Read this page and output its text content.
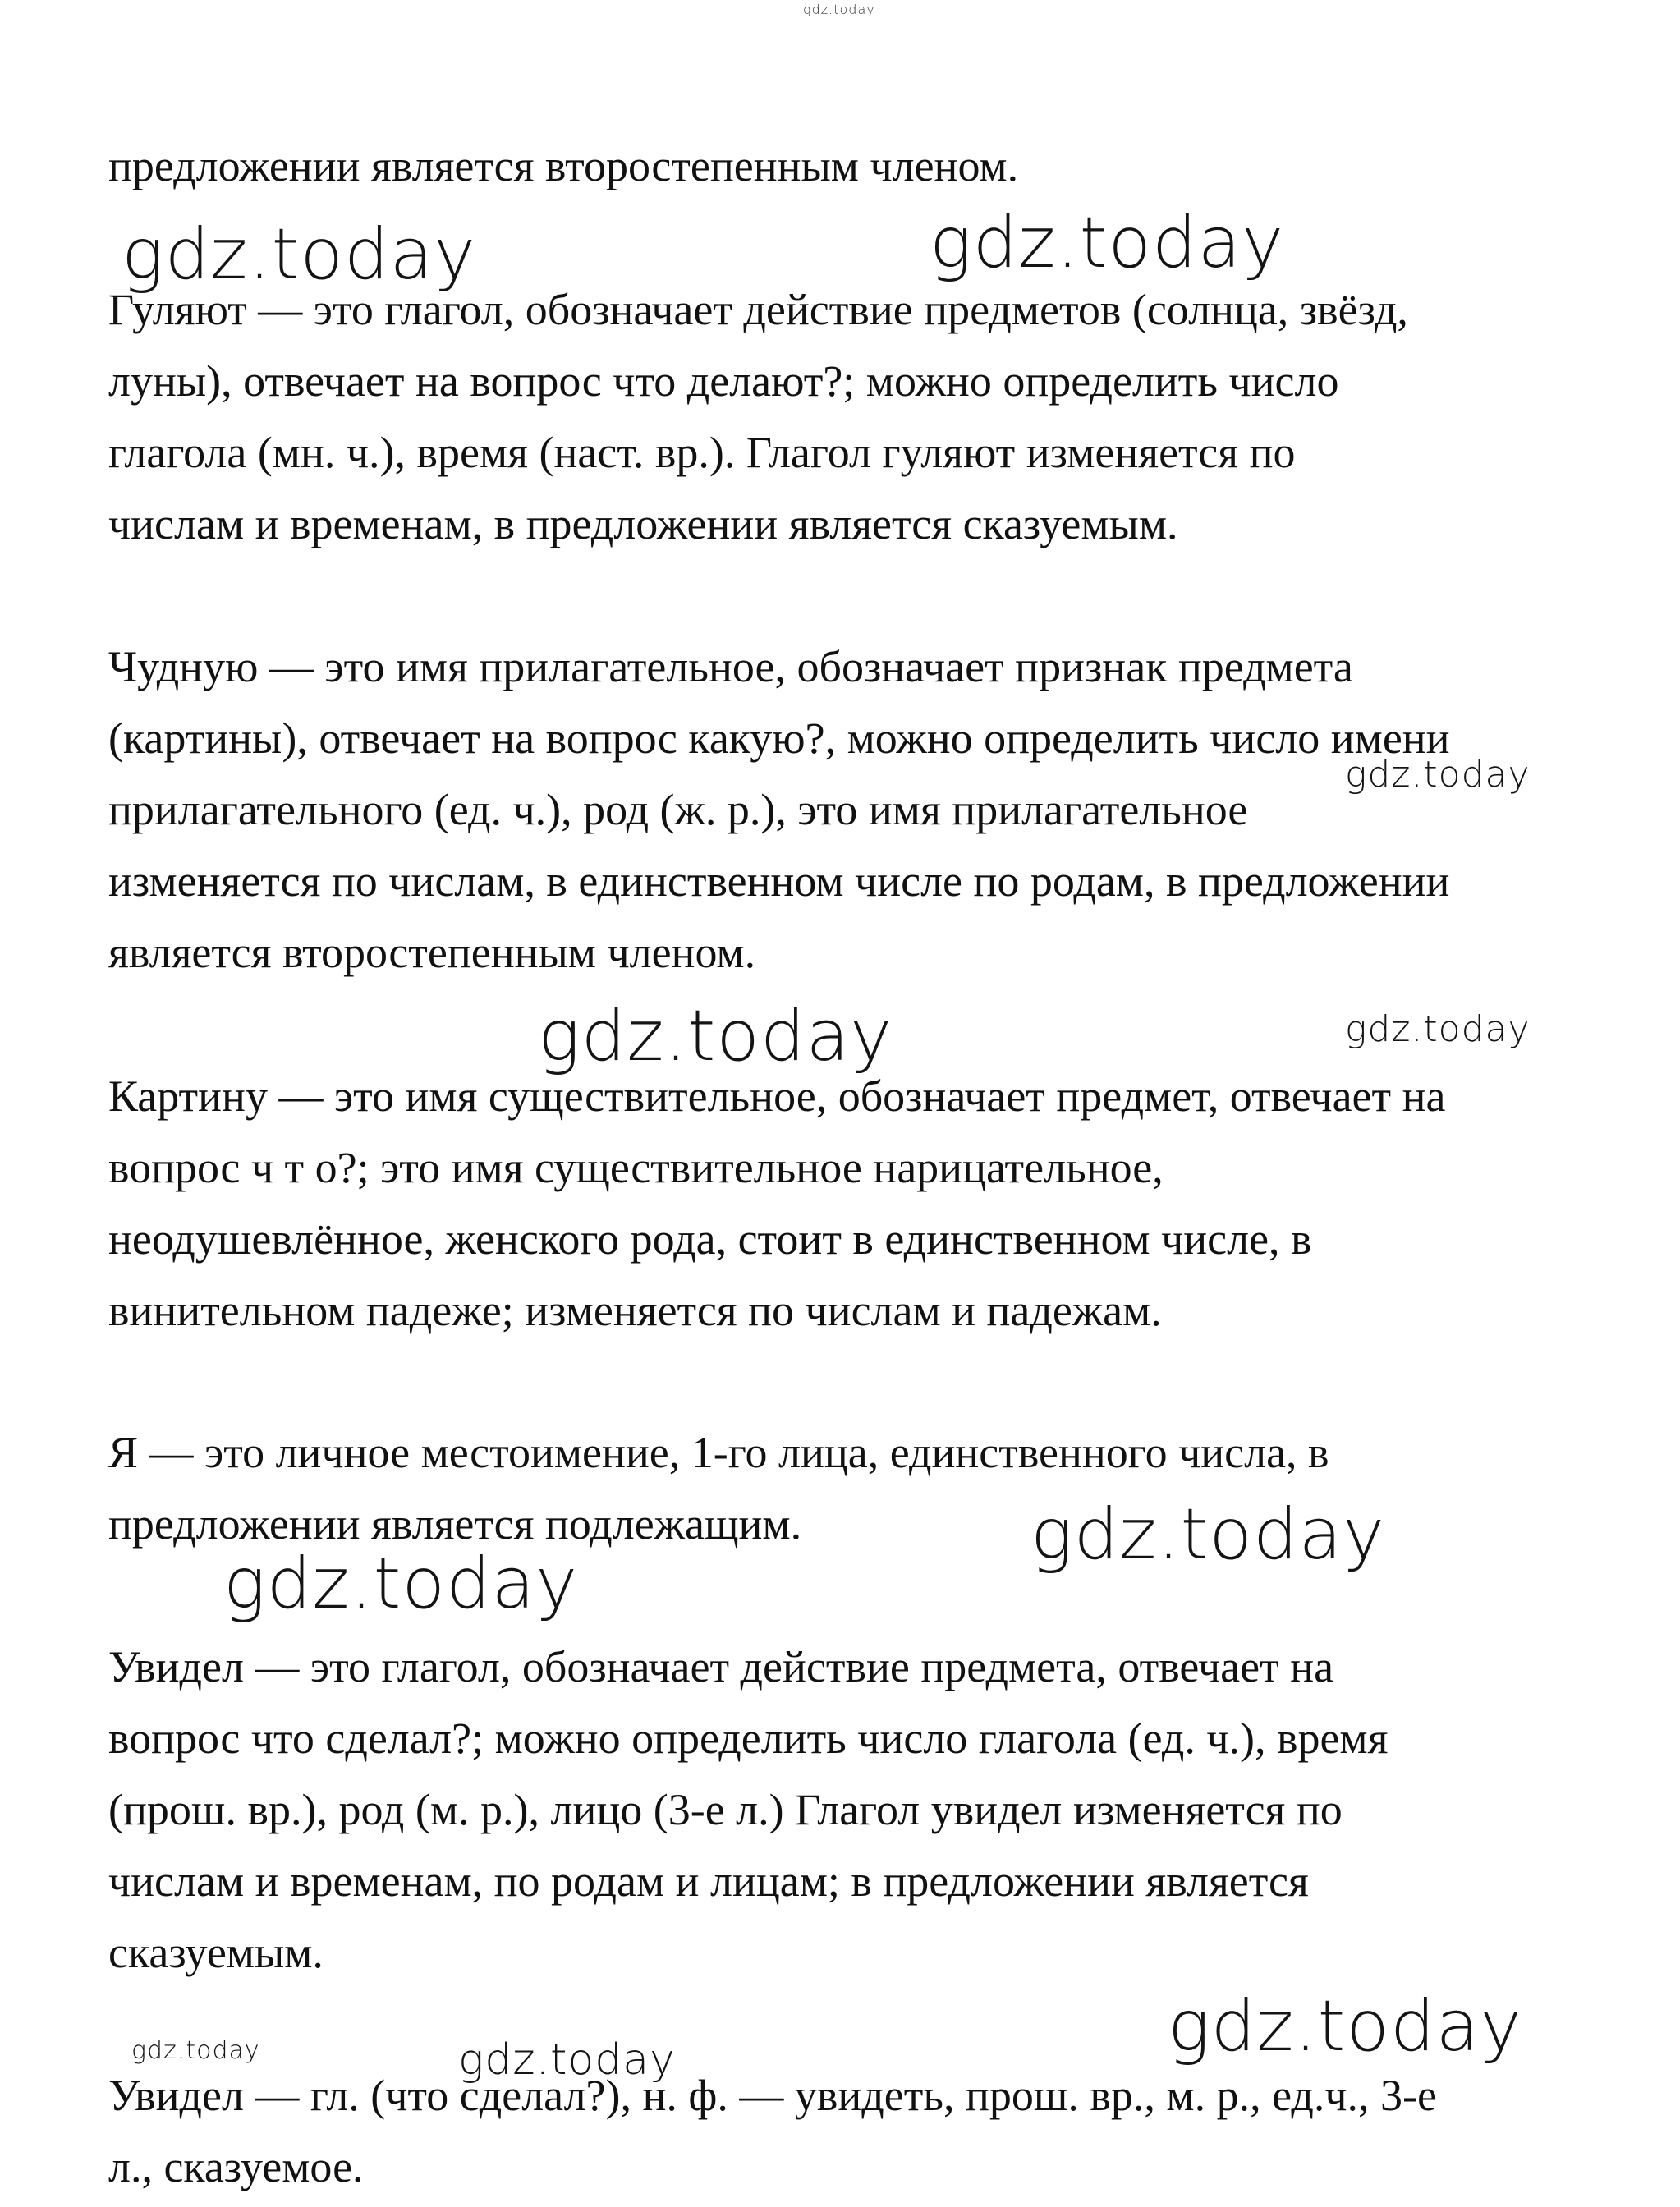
gdz.today
предложении является второстепенным членом.
Гуляют — это глагол, обозначает действие предметов (солнца, звёзд,
луны), отвечает на вопрос что делают?; можно определить число
глагола (мн. ч.), время (наст. вр.). Глагол гуляют изменяется по
числам и временам, в предложении является сказуемым.
Чудную — это имя прилагательное, обозначает признак предмета
(картины), отвечает на вопрос какую?, можно определить число имени
прилагательного (ед. ч.), род (ж. р.), это имя прилагательное
изменяется по числам, в единственном числе по родам, в предложении
является второстепенным членом.
Картину — это имя существительное, обозначает предмет, отвечает на
вопрос ч т о?; это имя существительное нарицательное,
неодушевлённое, женского рода, стоит в единственном числе, в
винительном падеже; изменяется по числам и падежам.
Я — это личное местоимение, 1-го лица, единственного числа, в
предложении является подлежащим.
Увидел — это глагол, обозначает действие предмета, отвечает на
вопрос что сделал?; можно определить число глагола (ед. ч.), время
(прош. вр.), род (м. р.), лицо (3-е л.) Глагол увидел изменяется по
числам и временам, по родам и лицам; в предложении является
сказуемым.
Увидел — гл. (что сделал?), н. ф. — увидеть, прош. вр., м. р., ед.ч., 3-е
л., сказуемое.
gdz.today	gdz.today
gdz.today
gdz.today	gdz.today
gdz.today
gdz.today
gdz.today	gdz.today	gdz.today
